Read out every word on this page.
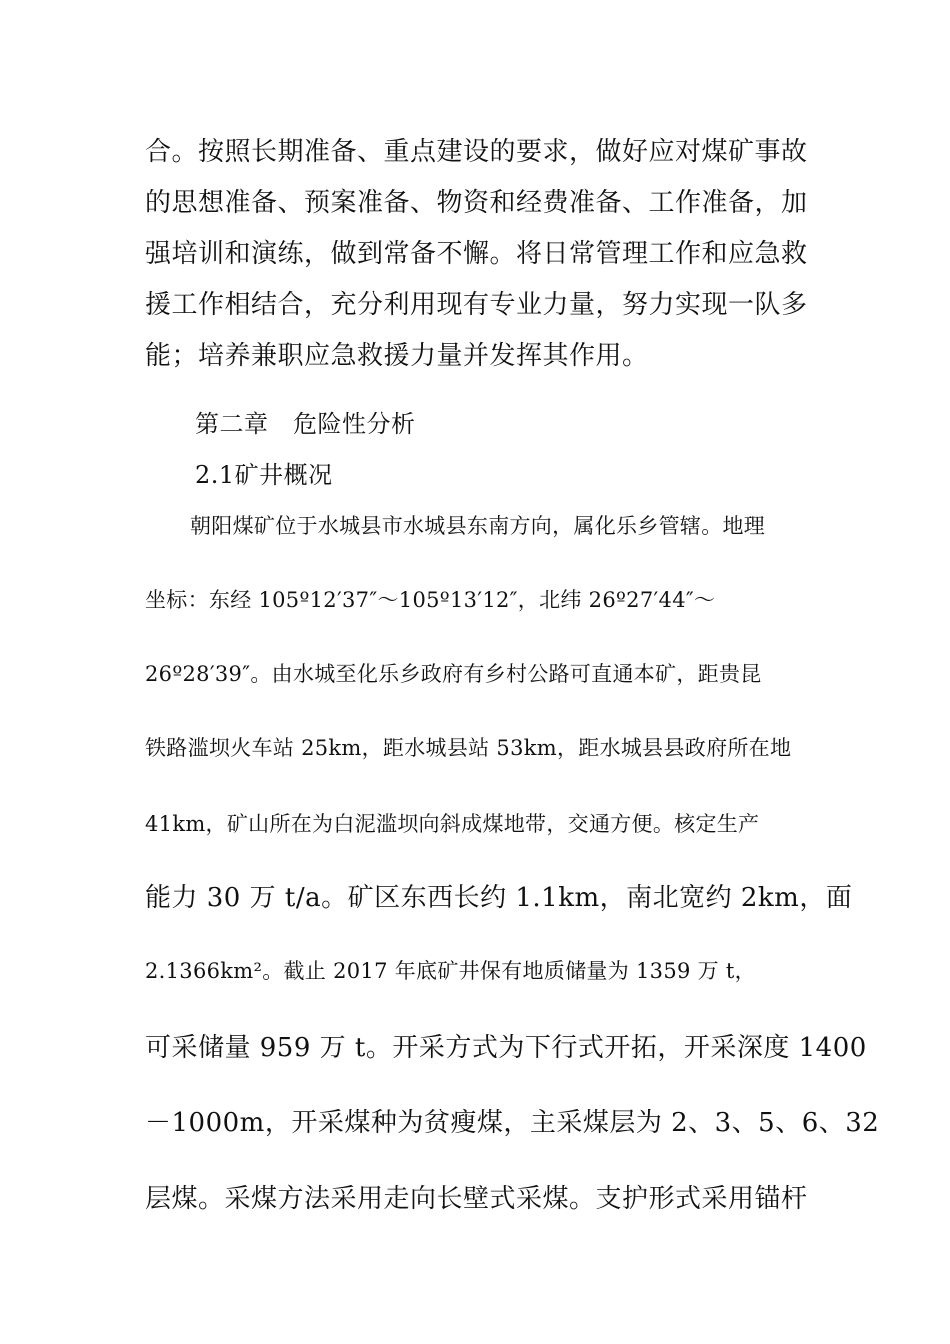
合。按照长期准备、重点建设的要求，做好应对煤矿事故
的思想准备、预案准备、物资和经费准备、工作准备，加
强培训和演练，做到常备不懈。将日常管理工作和应急救
援工作相结合，充分利用现有专业力量，努力实现一队多
能；培养兼职应急救援力量并发挥其作用。
第二章　危险性分析
2.1矿井概况
朝阳煤矿位于水城县市水城县东南方向，属化乐乡管辖。地理
坐标：东经 105º12′37″～105º13′12″，北纬 26º27′44″～
26º28′39″。由水城至化乐乡政府有乡村公路可直通本矿，距贵昆
铁路滥坝火车站 25km，距水城县站 53km，距水城县县政府所在地
41km，矿山所在为白泥滥坝向斜成煤地带，交通方便。核定生产
能力 30 万 t/a。矿区东西长约 1.1km，南北宽约 2km，面
2.1366km²。截止 2017 年底矿井保有地质储量为 1359 万 t，
可采储量 959 万 t。开采方式为下行式开拓，开采深度 1400
－1000m，开采煤种为贫瘦煤，主采煤层为 2、3、5、6、32
层煤。采煤方法采用走向长壁式采煤。支护形式采用锚杆
